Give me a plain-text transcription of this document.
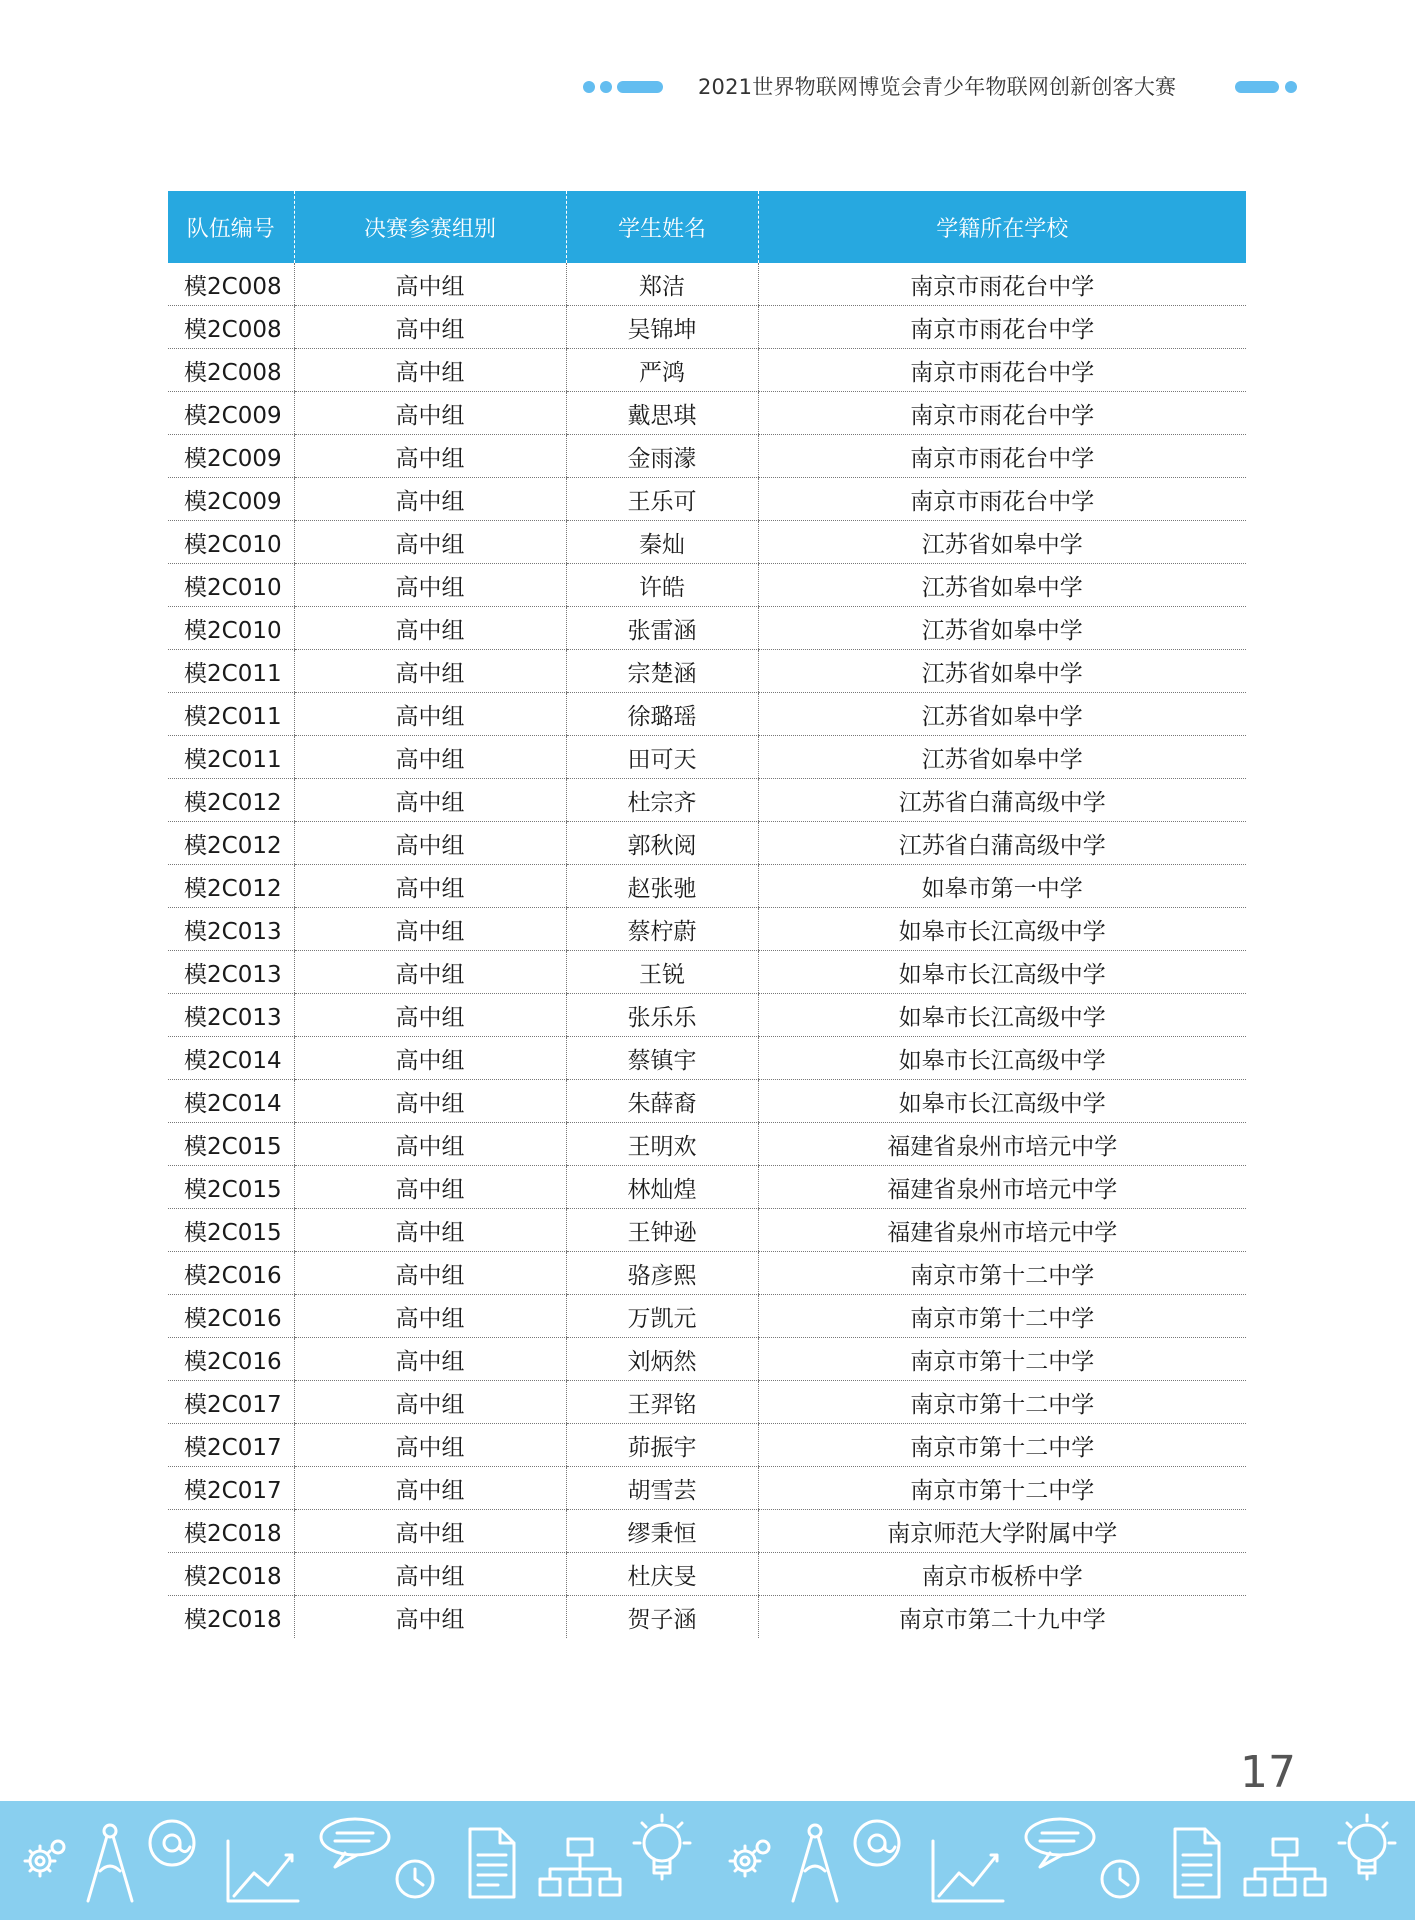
2021世界物联网博览会青少年物联网创新创客大赛
队伍编号	决赛参赛组别	学生姓名	学籍所在学校
模2C008	高中组	郑洁	南京市雨花台中学
模2C008	高中组	吴锦坤	南京市雨花台中学
模2C008	高中组	严鸿	南京市雨花台中学
模2C009	高中组	戴思琪	南京市雨花台中学
模2C009	高中组	金雨濛	南京市雨花台中学
模2C009	高中组	王乐可	南京市雨花台中学
模2C010	高中组	秦灿	江苏省如皋中学
模2C010	高中组	许皓	江苏省如皋中学
模2C010	高中组	张雷涵	江苏省如皋中学
模2C011	高中组	宗楚涵	江苏省如皋中学
模2C011	高中组	徐璐瑶	江苏省如皋中学
模2C011	高中组	田可天	江苏省如皋中学
模2C012	高中组	杜宗齐	江苏省白蒲高级中学
模2C012	高中组	郭秋阅	江苏省白蒲高级中学
模2C012	高中组	赵张驰	如皋市第一中学
模2C013	高中组	蔡柠蔚	如皋市长江高级中学
模2C013	高中组	王锐	如皋市长江高级中学
模2C013	高中组	张乐乐	如皋市长江高级中学
模2C014	高中组	蔡镇宇	如皋市长江高级中学
模2C014	高中组	朱薛裔	如皋市长江高级中学
模2C015	高中组	王明欢	福建省泉州市培元中学
模2C015	高中组	林灿煌	福建省泉州市培元中学
模2C015	高中组	王钟逊	福建省泉州市培元中学
模2C016	高中组	骆彦熙	南京市第十二中学
模2C016	高中组	万凯元	南京市第十二中学
模2C016	高中组	刘炳然	南京市第十二中学
模2C017	高中组	王羿铭	南京市第十二中学
模2C017	高中组	茆振宇	南京市第十二中学
模2C017	高中组	胡雪芸	南京市第十二中学
模2C018	高中组	缪秉恒	南京师范大学附属中学
模2C018	高中组	杜庆旻	南京市板桥中学
模2C018	高中组	贺子涵	南京市第二十九中学
17
